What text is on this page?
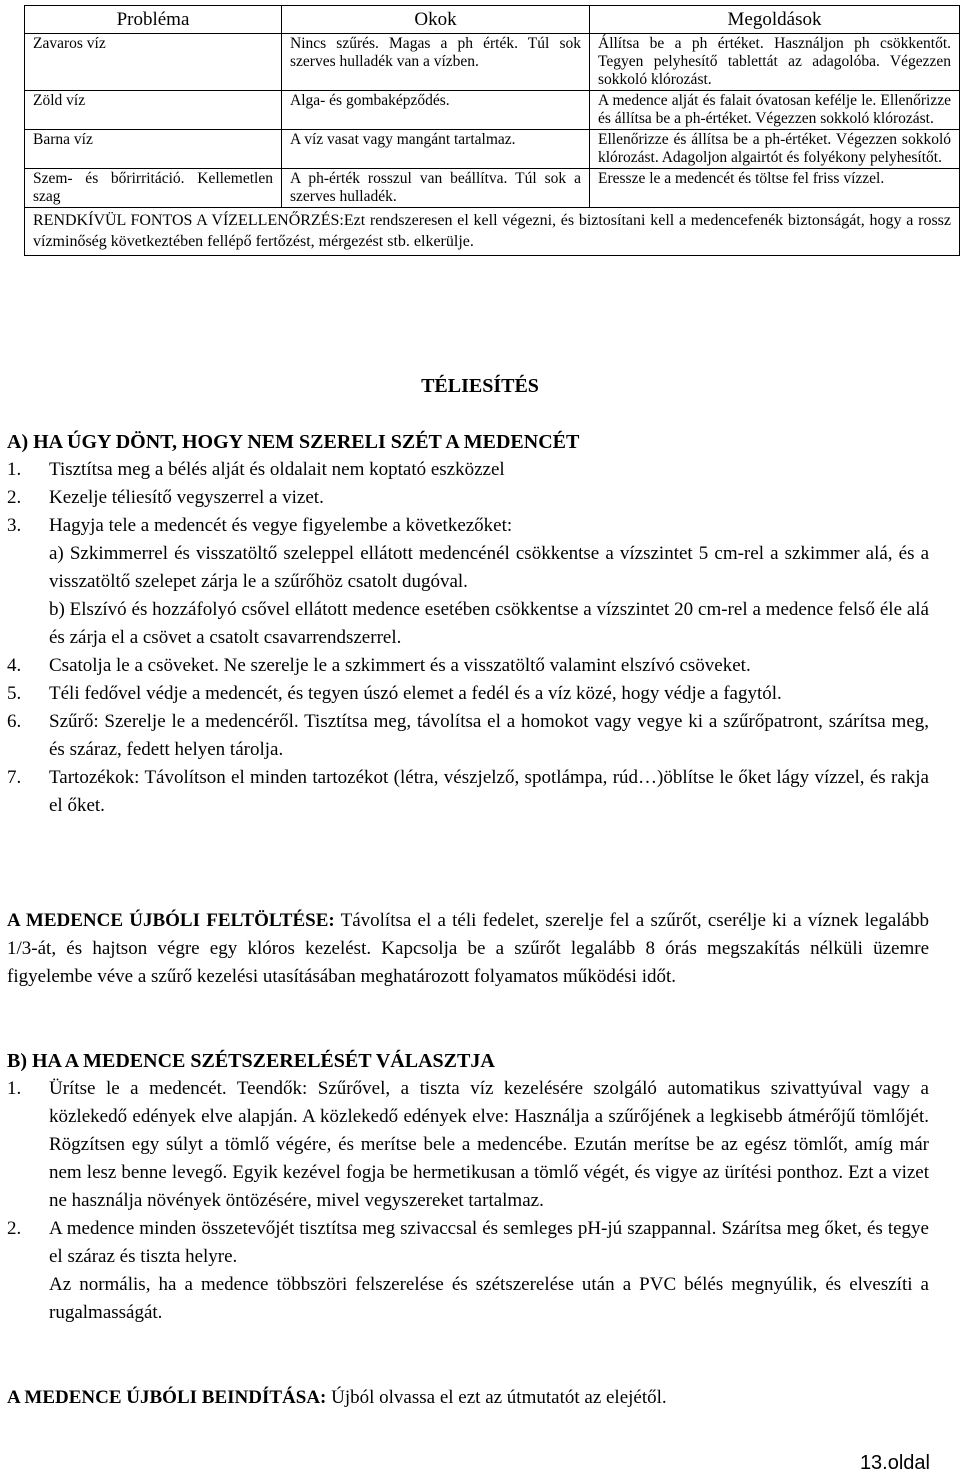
Probléma	Okok	Megoldások
Zavaros víz	Nincs szűrés. Magas a ph érték. Túl sok szerves hulladék van a vízben.	Állítsa be a ph értéket. Használjon ph csökkentőt. Tegyen pelyhesítő tablettát az adagolóba. Végezzen sokkoló klórozást.
Zöld víz	Alga- és gombaképződés.	A medence alját és falait óvatosan kefélje le. Ellenőrizze és állítsa be a ph-értéket. Végezzen sokkoló klórozást.
Barna víz	A víz vasat vagy mangánt tartalmaz.	Ellenőrizze és állítsa be a ph-értéket. Végezzen sokkoló klórozást. Adagoljon algairtót és folyékony pelyhesítőt.
Szem- és bőrirritáció. Kellemetlen szag	A ph-érték rosszul van beállítva. Túl sok a szerves hulladék.	Eressze le a medencét és töltse fel friss vízzel.
RENDKÍVÜL FONTOS A VÍZELLENŐRZÉS:Ezt rendszeresen el kell végezni, és biztosítani kell a medencefenék biztonságát, hogy a rossz vízminőség következtében fellépő fertőzést, mérgezést stb. elkerülje.		
TÉLIESÍTÉS
A) HA ÚGY DÖNT, HOGY NEM SZERELI SZÉT A MEDENCÉT
1. Tisztítsa meg a bélés alját és oldalait nem koptató eszközzel
2. Kezelje téliesítő vegyszerrel a vizet.
3. Hagyja tele a medencét és vegye figyelembe a következőket:
a) Szkimmerrel és visszatöltő szeleppel ellátott medencénél csökkentse a vízszintet 5 cm-rel a szkimmer alá, és a visszatöltő szelepet zárja le a szűrőhöz csatolt dugóval.
b) Elszívó és hozzáfolyó csővel ellátott medence esetében csökkentse a vízszintet 20 cm-rel a medence felső éle alá és zárja el a csövet a csatolt csavarrendszerrel.
4. Csatolja le a csöveket. Ne szerelje le a szkimmert és a visszatöltő valamint elszívó csöveket.
5. Téli fedővel védje a medencét, és tegyen úszó elemet a fedél és a víz közé, hogy védje a fagytól.
6. Szűrő: Szerelje le a medencéről. Tisztítsa meg, távolítsa el a homokot vagy vegye ki a szűrőpatront, szárítsa meg, és száraz, fedett helyen tárolja.
7. Tartozékok: Távolítson el minden tartozékot (létra, vészjelző, spotlámpa, rúd…)öblítse le őket lágy vízzel, és rakja el őket.
A MEDENCE ÚJBÓLI FELTÖLTÉSE: Távolítsa el a téli fedelet, szerelje fel a szűrőt, cserélje ki a víznek legalább 1/3-át, és hajtson végre egy klóros kezelést. Kapcsolja be a szűrőt legalább 8 órás megszakítás nélküli üzemre figyelembe véve a szűrő kezelési utasításában meghatározott folyamatos működési időt.
B) HA A MEDENCE SZÉTSZERELÉSÉT VÁLASZTJA
1. Ürítse le a medencét. Teendők: Szűrővel, a tiszta víz kezelésére szolgáló automatikus szivattyúval vagy a közlekedő edények elve alapján. A közlekedő edények elve: Használja a szűrőjének a legkisebb átmérőjű tömlőjét. Rögzítsen egy súlyt a tömlő végére, és merítse bele a medencébe. Ezután merítse be az egész tömlőt, amíg már nem lesz benne levegő. Egyik kezével fogja be hermetikusan a tömlő végét, és vigye az ürítési ponthoz. Ezt a vizet ne használja növények öntözésére, mivel vegyszereket tartalmaz.
2. A medence minden összetevőjét tisztítsa meg szivaccsal és semleges pH-jú szappannal. Szárítsa meg őket, és tegye el száraz és tiszta helyre.
Az normális, ha a medence többszöri felszerelése és szétszerelése után a PVC bélés megnyúlik, és elveszíti a rugalmasságát.
A MEDENCE ÚJBÓLI BEINDÍTÁSA: Újból olvassa el ezt az útmutatót az elejétől.
13.oldal
